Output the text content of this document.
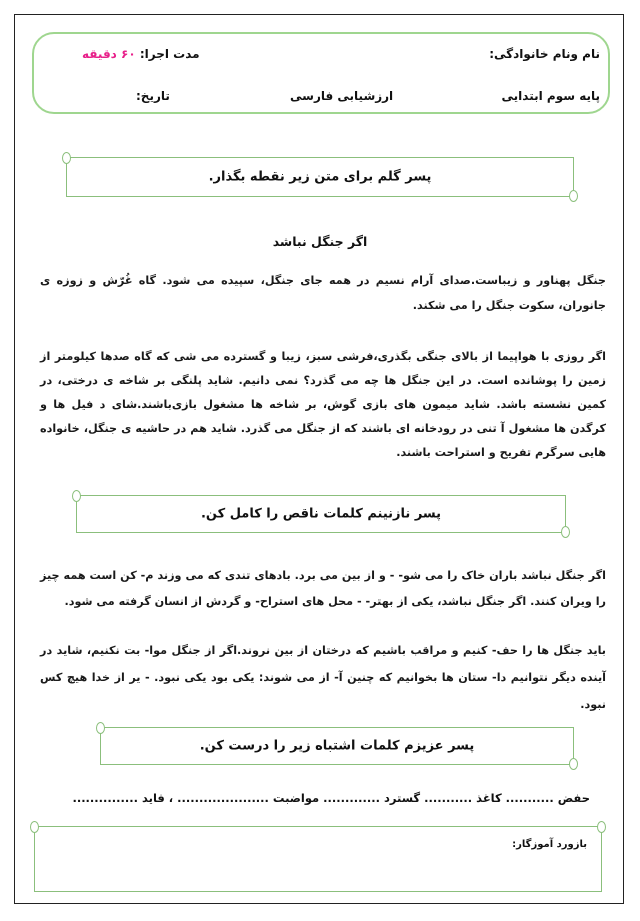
نام ونام خانوادگی:
مدت اجرا: ۶۰ دقیقه
پایه سوم ابتدایی
ارزشیابی فارسی
تاریخ:
پسر گلم برای متن زیر نقطه بگذار.
اگر جنگل نباشد

جنگل پهناور و زیباست.صدای آرام نسیم در همه جای جنگل، سپیده می شود. گاه غُرّش و زوزه ی جانوران، سکوت جنگل را می شکند.

اگر روزی با هواپیما از بالای جنگی بگذری،فرشی سبز، زیبا و گسترده می شی که گاه صدها کیلومتر از زمین را پوشانده است. در این جنگل ها چه می گذرد؟ نمی دانیم. شاید پلنگی بر شاخه ی درختی، در کمین نشسته باشد. شاید میمون های بازی گوش، بر شاخه ها مشغول بازی‌باشند.شای د فیل ها و کرگدن ها مشغول آ تنی در رودخانه ای باشند که از جنگل می گذرد. شاید هم در حاشیه ی جنگل، خانواده هایی سرگرم تفریح و استراحت باشند.

پسر نازنینم کلمات ناقص را کامل کن.

اگر جنگل نباشد باران خاک را می شو- - و از بین می برد. بادهای تندی که می وزند م- کن است همه چیز را ویران کنند. اگر جنگل نباشد، یکی از بهتر- - محل های استراح- و گردش از انسان گرفته می شود.

باید جنگل ها را حف- کنیم و مراقب باشیم که درختان از بین نروند.اگر از جنگل موا- بت نکنیم، شاید در آینده دیگر نتوانیم دا- ستان ها بخوانیم که چنین آ- از می شوند: یکی بود یکی نبود. - یر از خدا هیچ کس نبود.

پسر عزیزم کلمات اشتباه زیر را درست کن.
حفض ........... کاغذ ........... گسترد ............. مواضبت ..................... ، فاید ...............
بازورد آموزگار:
